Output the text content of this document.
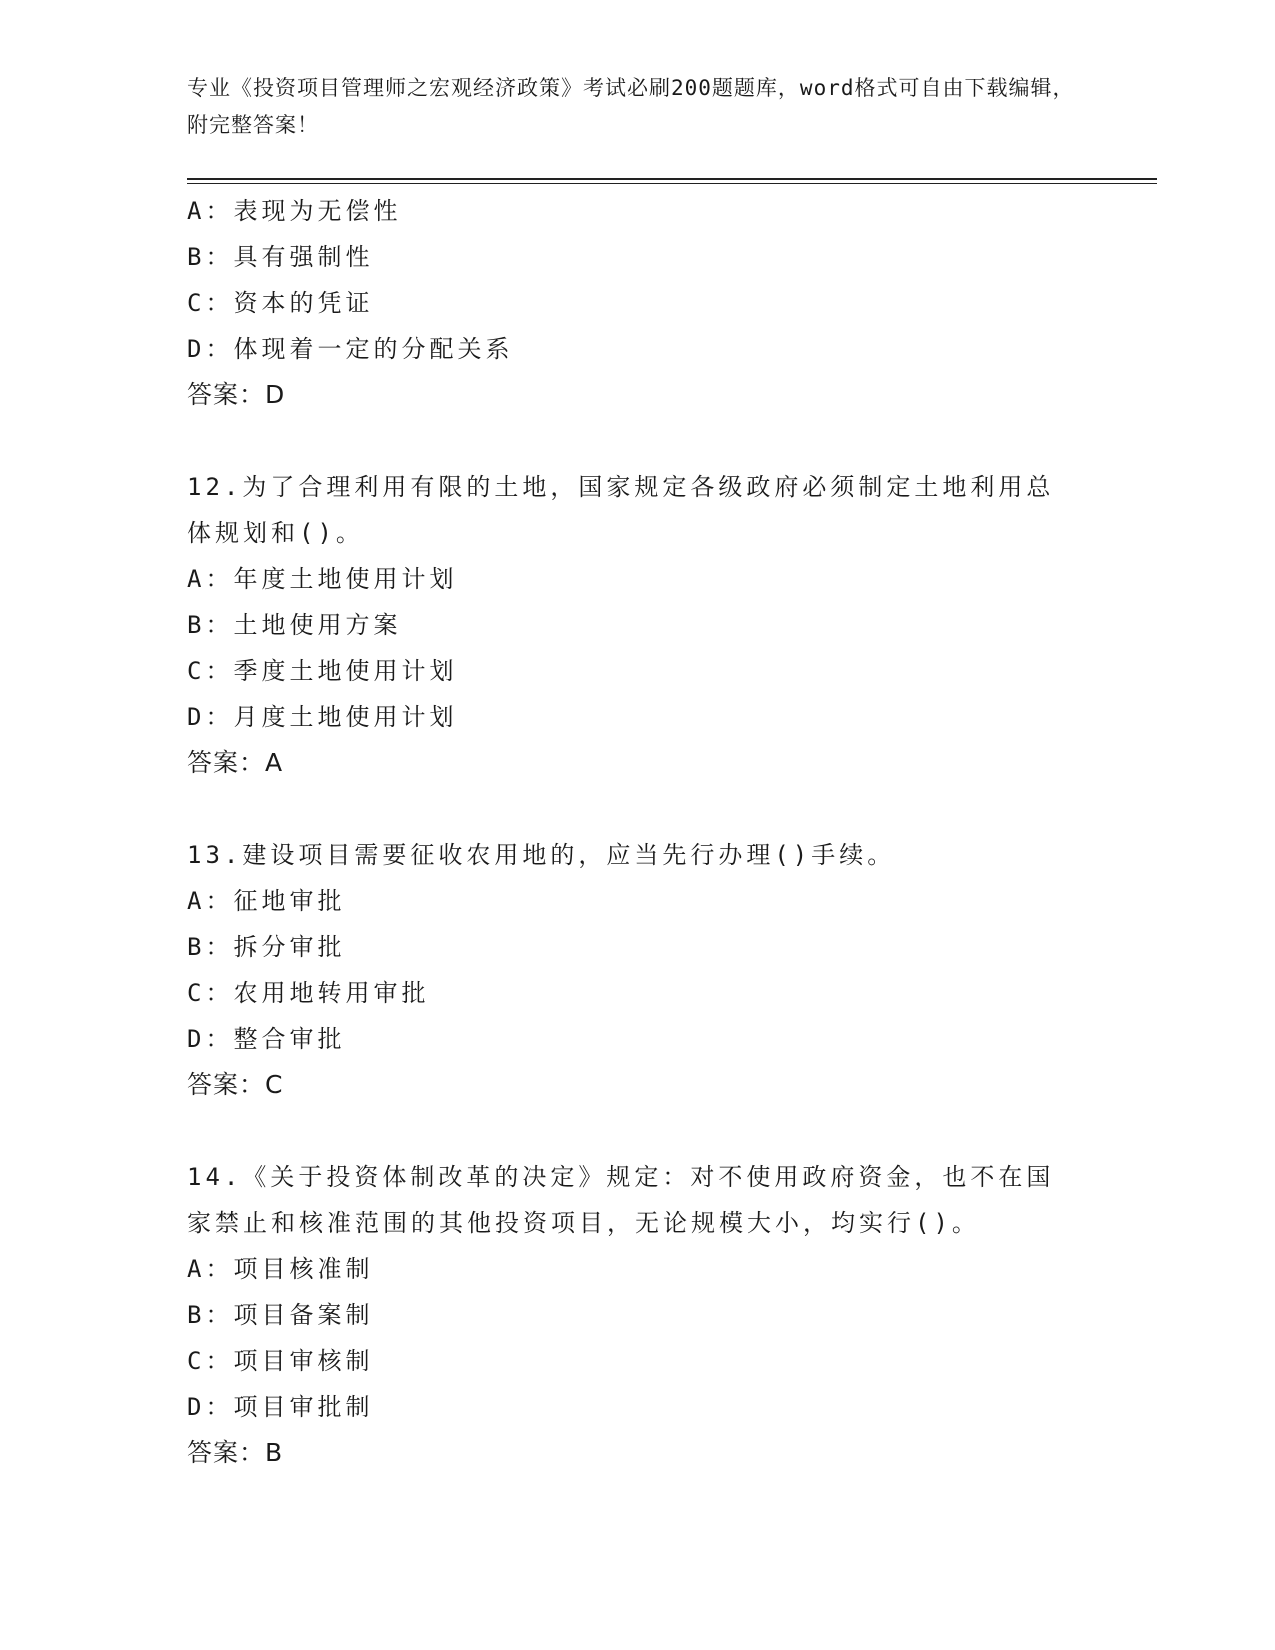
专业《投资项目管理师之宏观经济政策》考试必刷200题题库，word格式可自由下载编辑，附完整答案！
A：表现为无偿性
B：具有强制性
C：资本的凭证
D：体现着一定的分配关系
答案：D
12.为了合理利用有限的土地，国家规定各级政府必须制定土地利用总体规划和()。
A：年度土地使用计划
B：土地使用方案
C：季度土地使用计划
D：月度土地使用计划
答案：A
13.建设项目需要征收农用地的，应当先行办理()手续。
A：征地审批
B：拆分审批
C：农用地转用审批
D：整合审批
答案：C
14.《关于投资体制改革的决定》规定：对不使用政府资金，也不在国家禁止和核准范围的其他投资项目，无论规模大小，均实行()。
A：项目核准制
B：项目备案制
C：项目审核制
D：项目审批制
答案：B
